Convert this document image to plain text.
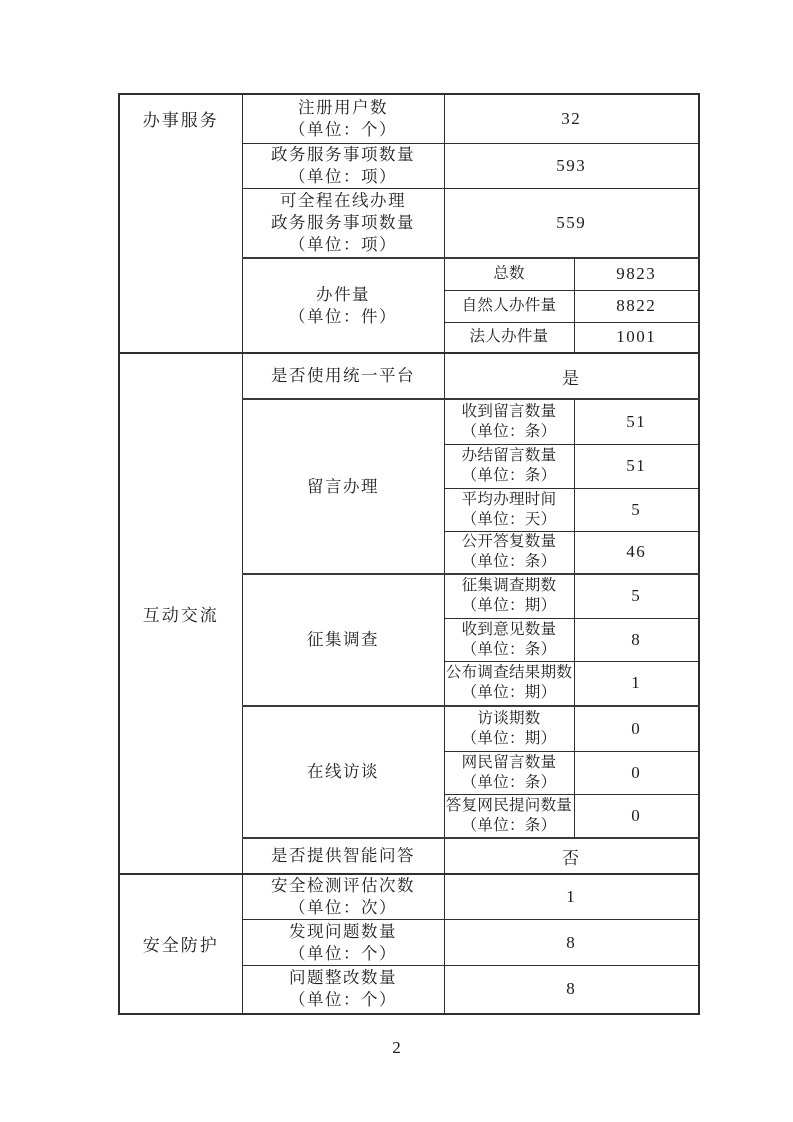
办事服务	注册用户数
（单位：个）	32	

	政务服务事项数量
（单位：项）	593	

	可全程在线办理
政务服务事项数量
（单位：项）	559	

	办件量
（单位：件）	总数	9823
		自然人办件量	8822
		法人办件量	1001
互动交流	是否使用统一平台	是	
	留言办理	收到留言数量
（单位：条）	51

		办结留言数量
（单位：条）	51

		平均办理时间
（单位：天）	5

		公开答复数量
（单位：条）	46
	征集调查	征集调查期数
（单位：期）	5

		收到意见数量
（单位：条）	8

		公布调查结果期数
（单位：期）	1
	在线访谈	访谈期数
（单位：期）	0

		网民留言数量
（单位：条）	0

		答复网民提问数量
（单位：条）	0
	是否提供智能问答	否	
安全防护	安全检测评估次数
（单位：次）	1	

	发现问题数量
（单位：个）	8	

	问题整改数量
（单位：个）	8	
2
